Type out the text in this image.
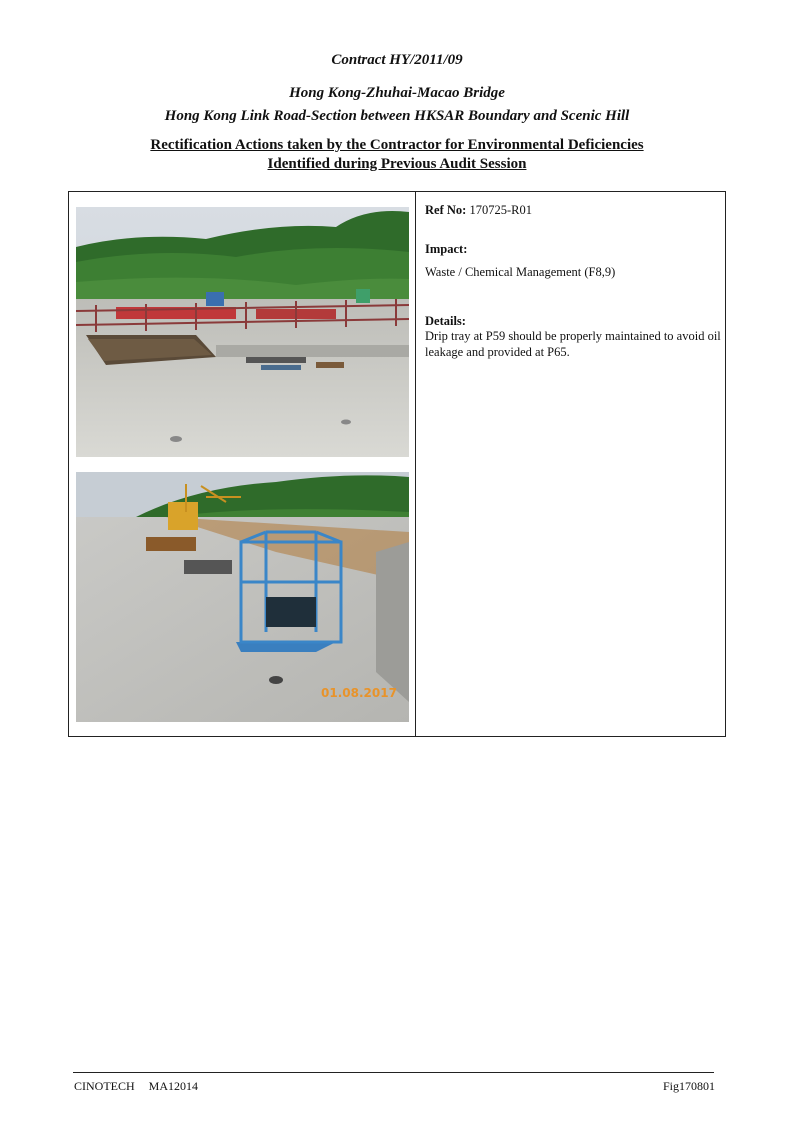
Contract HY/2011/09
Hong Kong-Zhuhai-Macao Bridge
Hong Kong Link Road-Section between HKSAR Boundary and Scenic Hill
Rectification Actions taken by the Contractor for Environmental Deficiencies
Identified during Previous Audit Session
01.08.2017
Ref No: 170725-R01
Impact:
Waste / Chemical Management (F8,9)
Details:
Drip tray at P59 should be properly maintained to avoid oil leakage and provided at P65.
CINOTECH MA12014	Fig170801
